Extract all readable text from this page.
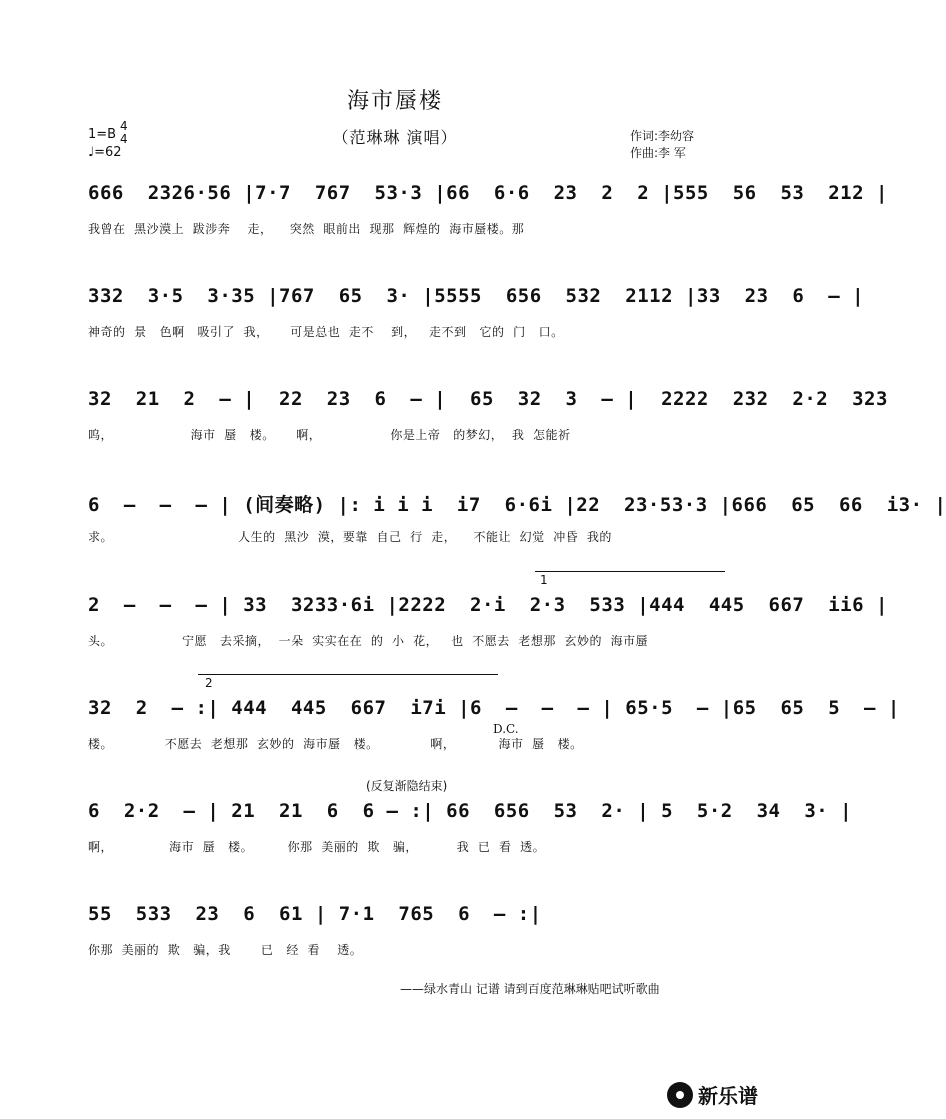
海市蜃楼
（范琳琳 演唱）
1=B
4
4
♩=62
作词:李幼容
作曲:李 军
666  2326·56 |7·7  767  53·3 |66  6·6  23  2  2 |555  56  53  212 |
我曾在  黑沙漠上  跋涉奔    走，    突然  眼前出  现那  辉煌的  海市蜃楼。那
332  3·5  3·35 |767  65  3· |5555  656  532  2112 |33  23  6  — |
神奇的  景   色啊   吸引了  我，     可是总也  走不    到，   走不到   它的  门   口。
32  21  2  — |  22  23  6  — |  65  32  3  — |  2222  232  2·2  323
呜，                  海市  蜃   楼。     啊，                你是上帝   的梦幻，  我  怎能祈
6  —  —  — | (间奏略) |: i i i  i7  6·6i |22  23·53·3 |666  65  66  i3· |
求。                             人生的  黑沙  漠，要靠  自己  行  走，    不能让  幻觉  冲昏  我的
2  —  —  — | 33  3233·6i |2222  2·i  2·3  533 |444  445  667  ii6 |
头。                宁愿   去采摘，  一朵  实实在在  的  小  花，   也  不愿去  老想那  玄妙的  海市蜃
32  2  — :| 444  445  667  i7i |6  —  —  — | 65·5  — |65  65  5  — |
楼。            不愿去  老想那  玄妙的  海市蜃   楼。            啊，          海市  蜃   楼。
6  2·2  — | 21  21  6  6 — :| 66  656  53  2· | 5  5·2  34  3· |
啊，             海市  蜃   楼。        你那  美丽的  欺   骗，         我  已  看  透。
55  533  23  6  61 | 7·1  765  6  — :|
你那  美丽的  欺   骗，我       已   经  看    透。
1
2
D.C.
(反复渐隐结束)
——绿水青山 记谱 请到百度范琳琳贴吧试听歌曲
新乐谱
